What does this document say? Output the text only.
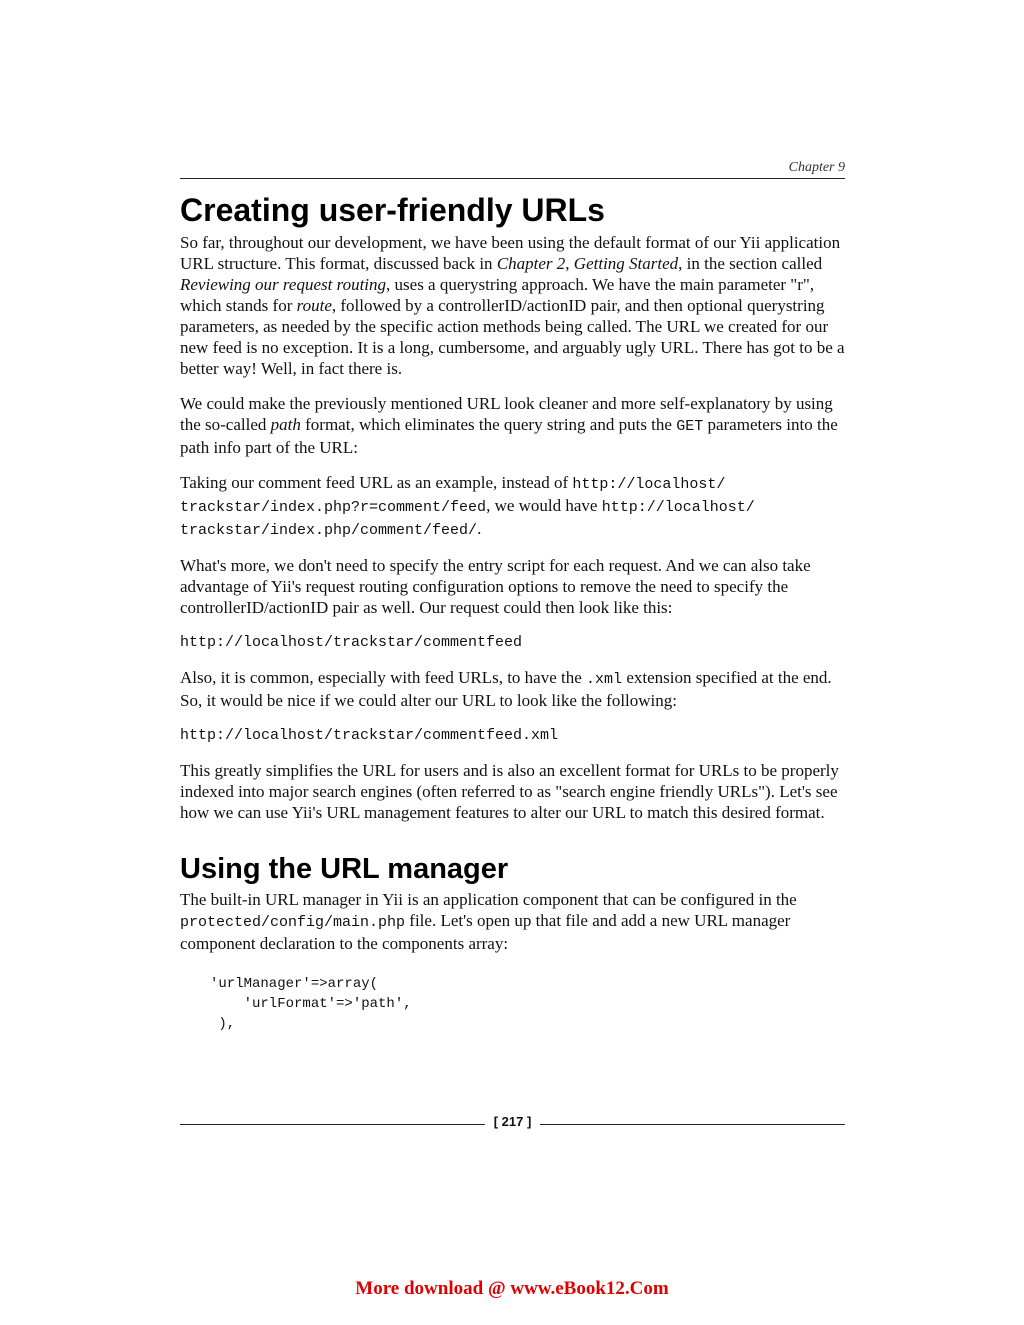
Chapter 9
Creating user-friendly URLs

So far, throughout our development, we have been using the default format of our Yii application URL structure. This format, discussed back in Chapter 2, Getting Started, in the section called Reviewing our request routing, uses a querystring approach. We have the main parameter "r", which stands for route, followed by a controllerID/actionID pair, and then optional querystring parameters, as needed by the specific action methods being called. The URL we created for our new feed is no exception. It is a long, cumbersome, and arguably ugly URL. There has got to be a better way! Well, in fact there is.

We could make the previously mentioned URL look cleaner and more self-explanatory by using the so-called path format, which eliminates the query string and puts the GET parameters into the path info part of the URL:

Taking our comment feed URL as an example, instead of http://localhost/ trackstar/index.php?r=comment/feed, we would have http://localhost/ trackstar/index.php/comment/feed/.

What's more, we don't need to specify the entry script for each request. And we can also take advantage of Yii's request routing configuration options to remove the need to specify the controllerID/actionID pair as well. Our request could then look like this:

http://localhost/trackstar/commentfeed

Also, it is common, especially with feed URLs, to have the .xml extension specified at the end. So, it would be nice if we could alter our URL to look like the following:

http://localhost/trackstar/commentfeed.xml

This greatly simplifies the URL for users and is also an excellent format for URLs to be properly indexed into major search engines (often referred to as "search engine friendly URLs"). Let's see how we can use Yii's URL management features to alter our URL to match this desired format.

Using the URL manager

The built-in URL manager in Yii is an application component that can be configured in the protected/config/main.php file. Let's open up that file and add a new URL manager component declaration to the components array:

'urlManager'=>array(
'urlFormat'=>'path',
),
[ 217 ]
More download @ www.eBook12.Com
